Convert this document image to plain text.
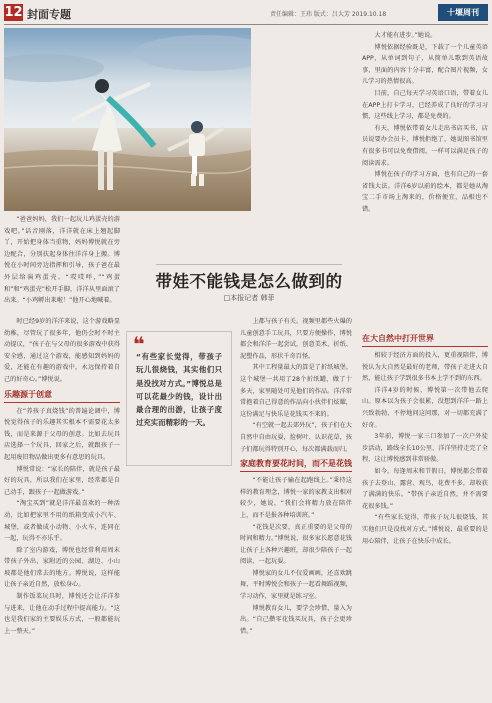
12 封面专题	责任编辑：王玮 版式：吕大芳 2019.10.18	十堰周刊

“爸爸妈妈，我们一起玩儿鸡蛋壳的游戏吧。”话音刚落，洋洋就在床上翘起脚丫，开始把身体当重物，妈妈博悦就在旁边配合，分别扶起身体往洋洋身上搬。博悦在小时间旁边指挥和引导，孩子爸在最外层给演鸡蛋壳。“哎哎咩，”“鸡蛋和”和“鸡蛋壳”松开手脚，洋洋从里面滚了出来。“小鸡孵出来啦！”他开心地喊着。

时已经9岁的洋洋来说，这个游戏略显幼稚，尽管玩了很多年，他仍会时不时主动提议，“孩子在与父母的很多游戏中获得安全感，通过这个游戏，能感知到妈妈的爱，还能在有趣的游戏中，永远保持着自己的好奇心。”博悦说。

乐趣源于创意

在“养孩子真烧钱”的普遍论调中，博悦觉得孩子的乐趣其实根本不需要花太多钱，而是来源于父母的创意。比如去玩具店选择一个玩具，回家之后，就跟孩子一起用废旧物品做出更多有意思的玩具。

博悦常说：“家长的陪伴，就是孩子最好的玩具，所以我们在家里，经常都是自己动手，跟孩子一起做游戏。”

“淘宝买到”就是洋洋最喜欢的一种活动，比如把家里不用的纸箱变成小汽车、城堡，或者做成小动物、小火车，连同在一起，玩得不亦乐乎。

除了室内游戏，博悦也经常利用周末带孩子外出，家附近的公园、湖边、小山坡都是他们常去的地方。博悦说，这样能让孩子亲近自然，放松身心。

制作饭菜玩具时，博悦还会让洋洋参与进来，让他在动手过程中提高能力。“这也是我们家的主要娱乐方式，一般都能玩上一整天。”

带娃不能钱是怎么做到的
□本报记者 韩菲
❝
“有些家长觉得，带孩子玩儿很烧钱，其实他们只是没找对方式。”博悦总是可以花最少的钱，设计出最合理的出游，让孩子度过充实而精彩的一天。

上都与孩子有关。视频里都些火爆的儿童创意手工玩具，只要方便操作，博悦都会和洋洋一起尝试，创意美术、折纸、泥塑作品，形状千奇百怪。

其中工程量最大的算是了折纸城堡。这个城堡一共用了28个折纸罐，做了十多天，家里随处可见他们的作品。洋洋常常抱着自己得意的作品向小伙伴们炫耀，这份满足与快乐是花钱买不来的。

“有空就一起去郊外玩”，孩子们在大自然中自由玩耍，捡树叶、认识花草，孩子们都玩得特别开心，每次都满载而归。

家庭教育要花时间，而不是花钱

“不能让孩子输在起跑线上。”秉持这样的教育理念，博悦一家的家教支出相对较少，她说，“我们会将精力放在陪伴上，而不是报各种培训班。”

“花钱是次要，真正重要的是父母的时间和精力。”博悦说，很多家长愿意花钱让孩子上各种兴趣班，却很少陪孩子一起阅读、一起玩耍。

博悦家的女儿不仅爱画画，还喜欢跳舞，平时博悦会和孩子一起看舞蹈视频，学习动作，家里就是练习室。

博悦教育女儿，要学会珍惜，量入为出。“自己攒零花钱买玩具，孩子会更珍惜。”

大才能有进步。”她说。

博悦依据经验既是，下载了一个儿童英语APP，从单词到句子，从简单儿歌到英语故事，里面的内容十分丰富，配合图片视频，女儿学习的热情很高。

目前，自己每天学习英语口语，带着女儿在APP上打卡学习，已经养成了良好的学习习惯，这些线上学习，都是免费的。

有天，博悦依带着女儿走出书店买书，店员说要办会员卡，博悦拒绝了，她说图书馆里有很多书可以免费借阅，一样可以满足孩子的阅读需求。

博悦在孩子的学习方面，也有自己的一套省钱大法。洋洋6岁以前的绘本，都是她从淘宝二手市场上淘来的，价格便宜，品相也不错。

在大自然中打开世界

相较于经济方面的投入，更重视陪伴，博悦认为大自然是最好的老师，带孩子走进大自然，能让孩子学到很多书本上学不到的东西。

洋洋4岁的时候，博悦第一次带他去爬山。原本以为孩子会很累，没想到洋洋一路上兴致勃勃，不停地问这问那，对一切都充满了好奇。

3年前，博悦一家三口参加了一次户外徒步活动，路线全长10公里，洋洋坚持走完了全程，这让博悦感到非常骄傲。

如今，每逢周末和节假日，博悦都会带着孩子去登山、露营、观鸟，花费不多，却收获了满满的快乐。“带孩子亲近自然，并不需要花很多钱。”

“有些家长觉得，带孩子玩儿很烧钱，其实他们只是没找对方式。”博悦说，最重要的是用心陪伴，让孩子在快乐中成长。
